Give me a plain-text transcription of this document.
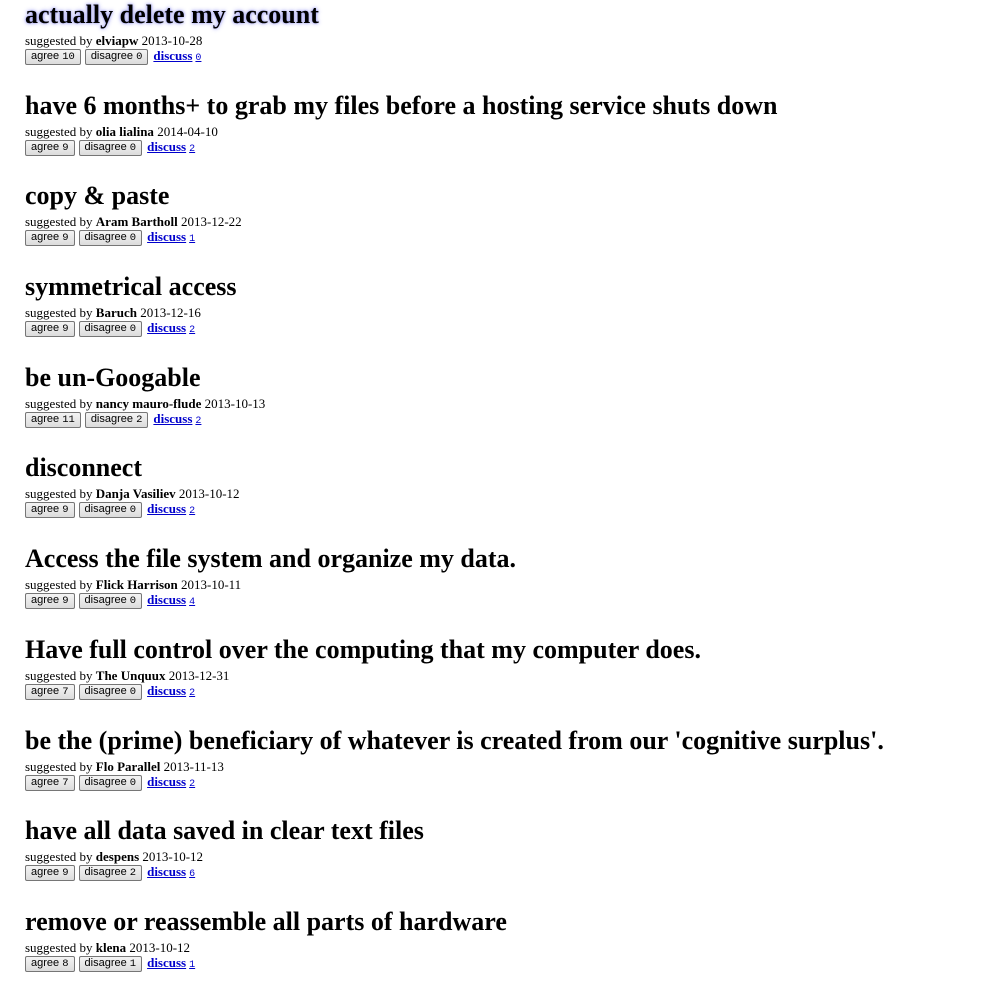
actually delete my account
suggested by elviapw 2013-10-28
agree 10	disagree 0 discuss 0
have 6 months+ to grab my files before a hosting service shuts down
suggested by olia lialina 2014-04-10
agree 9	disagree 0 discuss 2
copy & paste
suggested by Aram Bartholl 2013-12-22
agree 9	disagree 0 discuss 1
symmetrical access
suggested by Baruch 2013-12-16
agree 9	disagree 0 discuss 2
be un-Googable
suggested by nancy mauro-flude 2013-10-13
agree 11	disagree 2 discuss 2
disconnect
suggested by Danja Vasiliev 2013-10-12
agree 9	disagree 0 discuss 2
Access the file system and organize my data.
suggested by Flick Harrison 2013-10-11
agree 9	disagree 0 discuss 4
Have full control over the computing that my computer does.
suggested by The Unquux 2013-12-31
agree 7	disagree 0 discuss 2
be the (prime) beneficiary of whatever is created from our 'cognitive surplus'.
suggested by Flo Parallel 2013-11-13
agree 7	disagree 0 discuss 2
have all data saved in clear text files
suggested by despens 2013-10-12
agree 9	disagree 2 discuss 6
remove or reassemble all parts of hardware
suggested by klena 2013-10-12
agree 8	disagree 1 discuss 1
